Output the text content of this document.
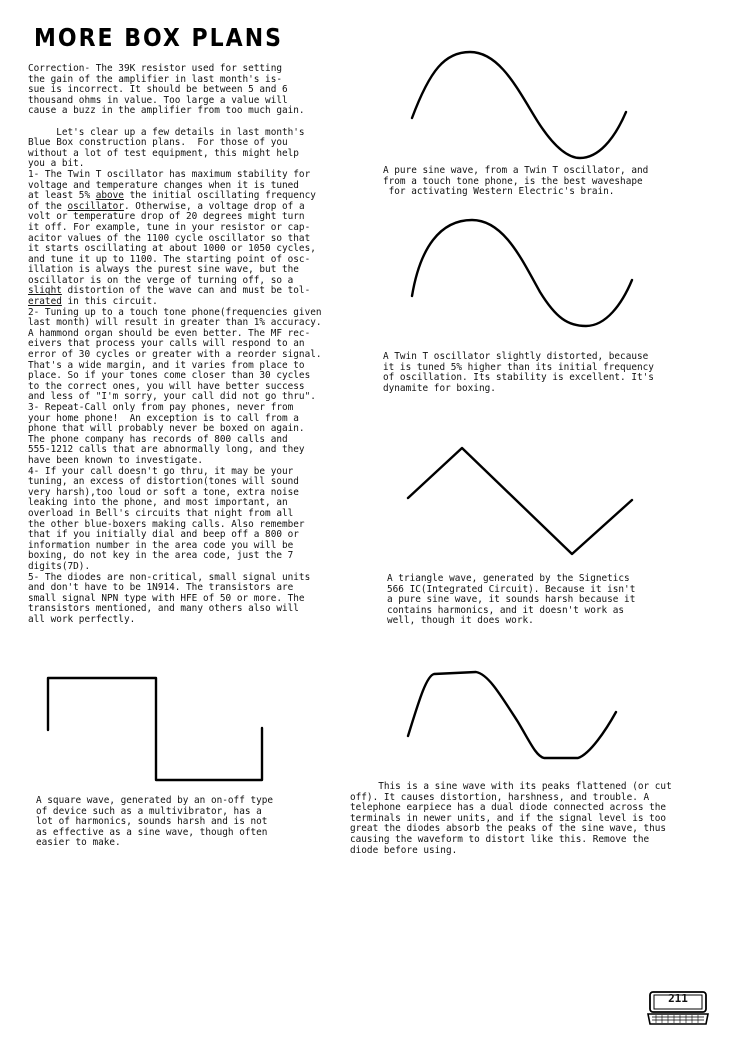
MORE BOX PLANS
Correction- The 39K resistor used for setting
the gain of the amplifier in last month's is-
sue is incorrect. It should be between 5 and 6
thousand ohms in value. Too large a value will
cause a buzz in the amplifier from too much gain.

Let's clear up a few details in last month's
Blue Box construction plans.  For those of you
without a lot of test equipment, this might help
you a bit.
1- The Twin T oscillator has maximum stability for
voltage and temperature changes when it is tuned
at least 5% above the initial oscillating frequency
of the oscillator. Otherwise, a voltage drop of a
volt or temperature drop of 20 degrees might turn
it off. For example, tune in your resistor or cap-
acitor values of the 1100 cycle oscillator so that
it starts oscillating at about 1000 or 1050 cycles,
and tune it up to 1100. The starting point of osc-
illation is always the purest sine wave, but the
oscillator is on the verge of turning off, so a
slight distortion of the wave can and must be tol-
erated in this circuit.
2- Tuning up to a touch tone phone(frequencies given
last month) will result in greater than 1% accuracy.
A hammond organ should be even better. The MF rec-
eivers that process your calls will respond to an
error of 30 cycles or greater with a reorder signal.
That's a wide margin, and it varies from place to
place. So if your tones come closer than 30 cycles
to the correct ones, you will have better success
and less of "I'm sorry, your call did not go thru".
3- Repeat-Call only from pay phones, never from
your home phone!  An exception is to call from a
phone that will probably never be boxed on again.
The phone company has records of 800 calls and
555-1212 calls that are abnormally long, and they
have been known to investigate.
4- If your call doesn't go thru, it may be your
tuning, an excess of distortion(tones will sound
very harsh),too loud or soft a tone, extra noise
leaking into the phone, and most important, an
overload in Bell's circuits that night from all
the other blue-boxers making calls. Also remember
that if you initially dial and beep off a 800 or
information number in the area code you will be
boxing, do not key in the area code, just the 7
digits(7D).
5- The diodes are non-critical, small signal units
and don't have to be 1N914. The transistors are
small signal NPN type with HFE of 50 or more. The
transistors mentioned, and many others also will
all work perfectly.
A pure sine wave, from a Twin T oscillator, and
from a touch tone phone, is the best waveshape
for activating Western Electric's brain.
A Twin T oscillator slightly distorted, because
it is tuned 5% higher than its initial frequency
of oscillation. Its stability is excellent. It's
dynamite for boxing.
A triangle wave, generated by the Signetics
566 IC(Integrated Circuit). Because it isn't
a pure sine wave, it sounds harsh because it
contains harmonics, and it doesn't work as
well, though it does work.
This is a sine wave with its peaks flattened (or cut
off). It causes distortion, harshness, and trouble. A
telephone earpiece has a dual diode connected across the
terminals in newer units, and if the signal level is too
great the diodes absorb the peaks of the sine wave, thus
causing the waveform to distort like this. Remove the
diode before using.
A square wave, generated by an on-off type
of device such as a multivibrator, has a
lot of harmonics, sounds harsh and is not
as effective as a sine wave, though often
easier to make.
211
